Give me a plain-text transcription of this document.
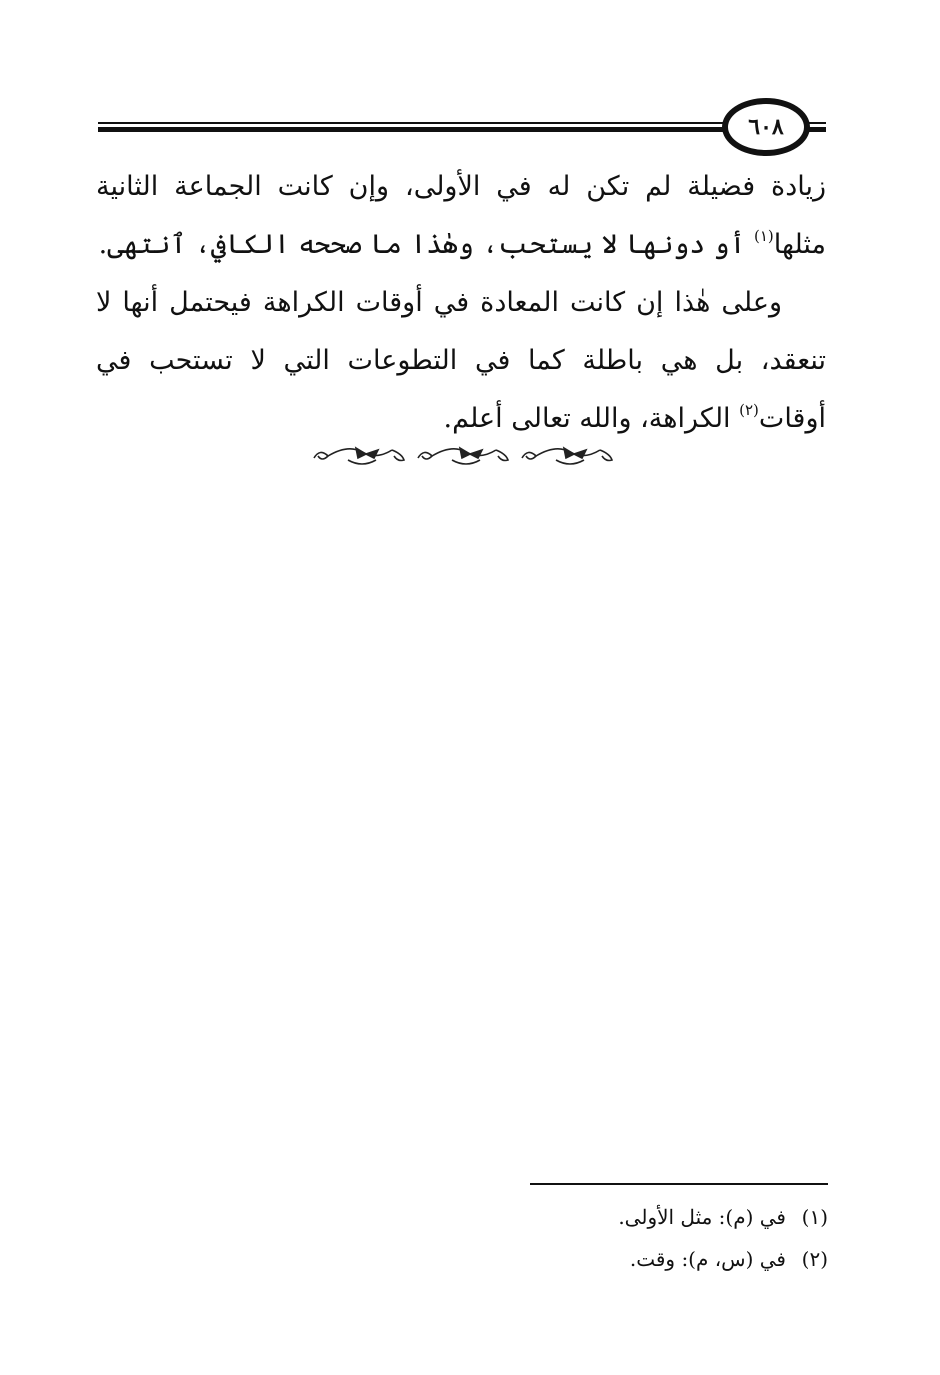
٦٠٨

زيادة فضيلة لم تكن له في الأولى، وإن كانت الجماعة الثانية مثلها$^{(١)}$ أو دونها لا يستحب، وهٰذا ما صححه الكافي، ٱنتهى.

وعلى هٰذا إن كانت المعادة في أوقات الكراهة فيحتمل أنها لا تنعقد، بل هي باطلة كما في التطوعات التي لا تستحب في أوقات$^{(٢)}$ الكراهة، والله تعالى أعلم.

(١)في (م): مثل الأولى.
(٢)في (س، م): وقت.
